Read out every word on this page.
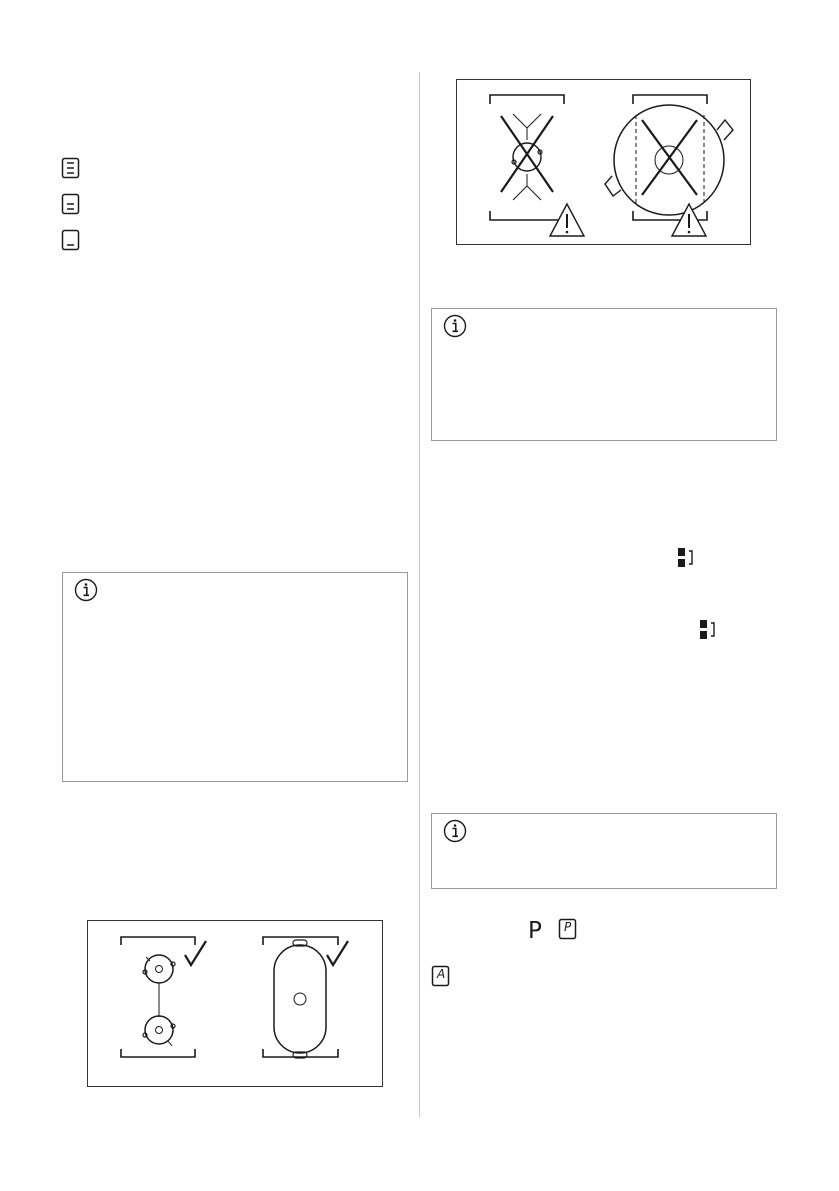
P P
A
